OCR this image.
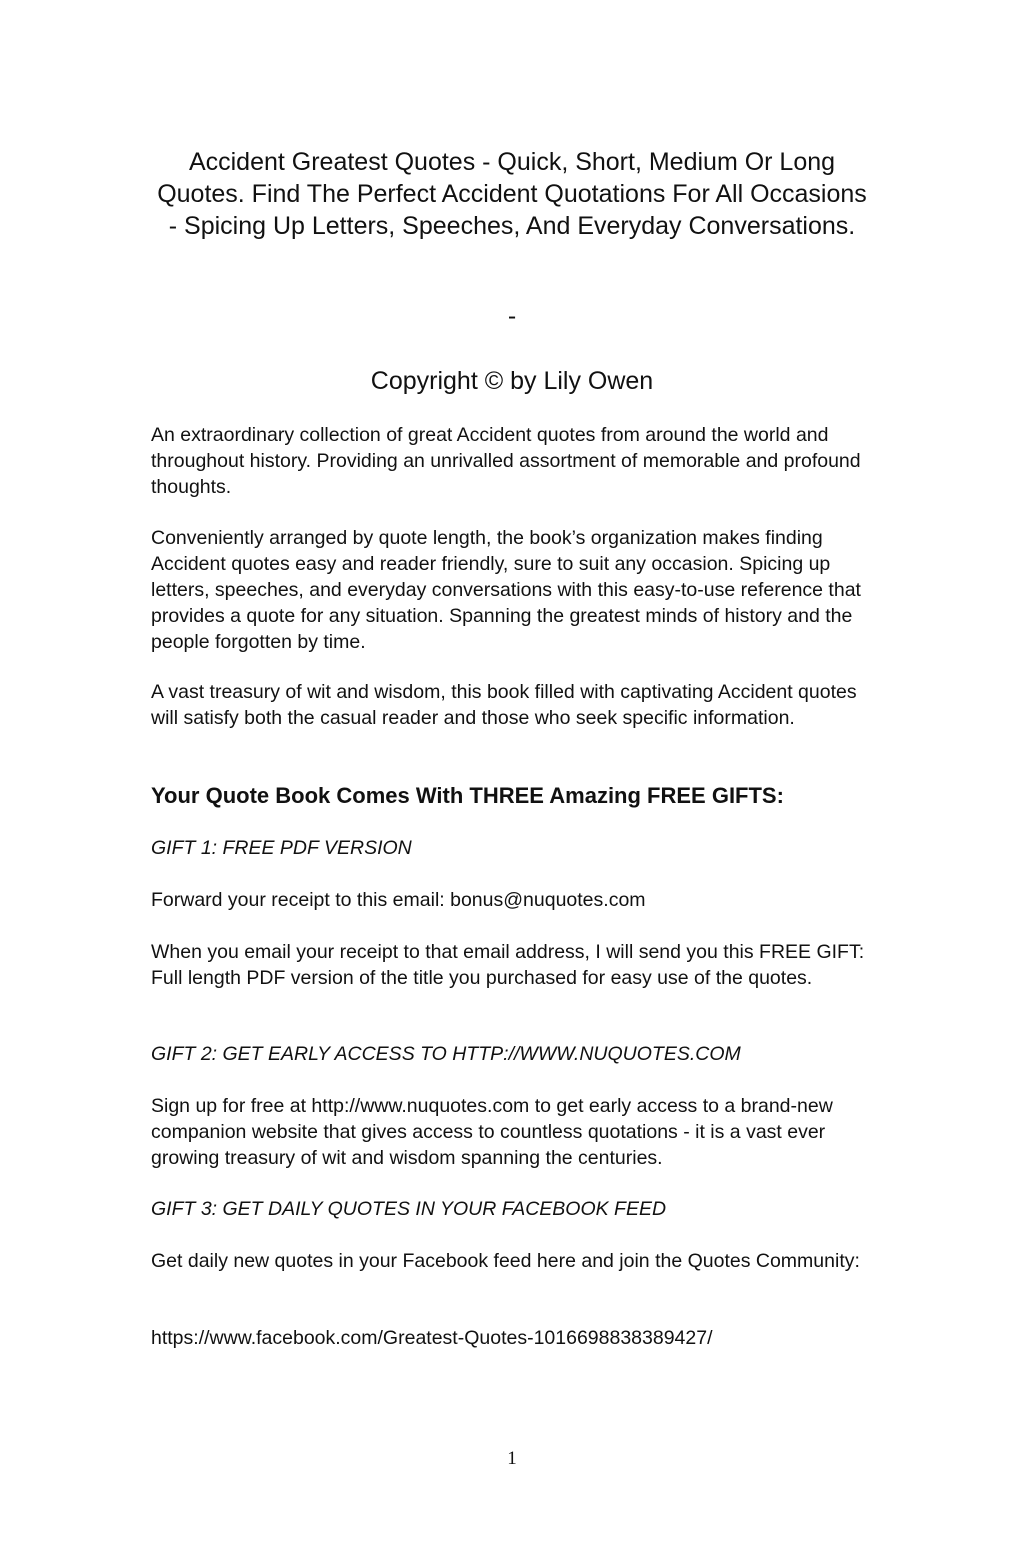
Accident Greatest Quotes - Quick, Short, Medium Or Long Quotes. Find The Perfect Accident Quotations For All Occasions - Spicing Up Letters, Speeches, And Everyday Conversations.
-
Copyright © by Lily Owen

An extraordinary collection of great Accident quotes from around the world and throughout history. Providing an unrivalled assortment of memorable and profound thoughts.

Conveniently arranged by quote length, the book’s organization makes finding Accident quotes easy and reader friendly, sure to suit any occasion. Spicing up letters, speeches, and everyday conversations with this easy-to-use reference that provides a quote for any situation. Spanning the greatest minds of history and the people forgotten by time.

A vast treasury of wit and wisdom, this book filled with captivating Accident quotes will satisfy both the casual reader and those who seek specific information.

Your Quote Book Comes With THREE Amazing FREE GIFTS:

GIFT 1: FREE PDF VERSION

Forward your receipt to this email: bonus@nuquotes.com

When you email your receipt to that email address, I will send you this FREE GIFT: Full length PDF version of the title you purchased for easy use of the quotes.

GIFT 2: GET EARLY ACCESS TO HTTP://WWW.NUQUOTES.COM

Sign up for free at http://www.nuquotes.com to get early access to a brand-new companion website that gives access to countless quotations - it is a vast ever growing treasury of wit and wisdom spanning the centuries.

GIFT 3: GET DAILY QUOTES IN YOUR FACEBOOK FEED

Get daily new quotes in your Facebook feed here and join the Quotes Community:

https://www.facebook.com/Greatest-Quotes-1016698838389427/

1
